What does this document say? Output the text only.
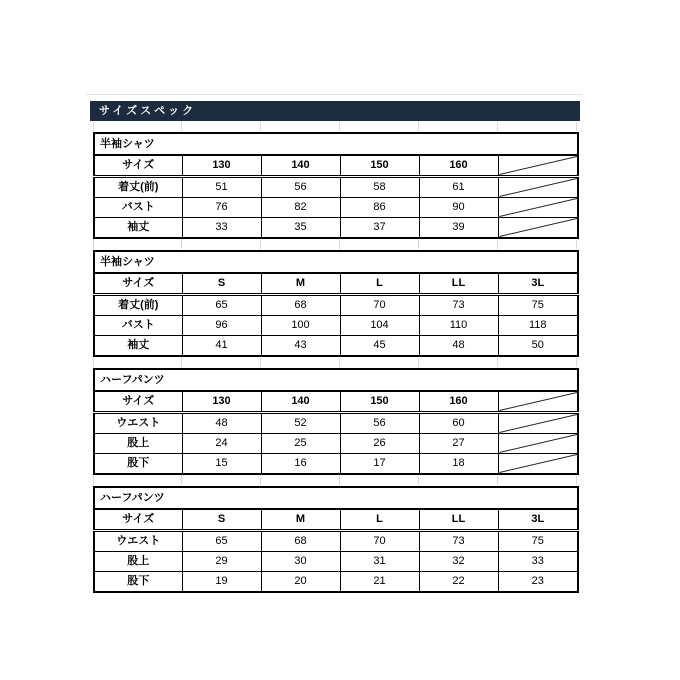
サイズスペック
半袖シャツ					
サイズ	130	140	150	160	

着丈(前)	51	56	58	61	

バスト	76	82	86	90	

袖丈	33	35	37	39	
半袖シャツ					
サイズ	S	M	L	LL	3L
着丈(前)	65	68	70	73	75
バスト	96	100	104	110	118
袖丈	41	43	45	48	50
ハーフパンツ					
サイズ	130	140	150	160	

ウエスト	48	52	56	60	

股上	24	25	26	27	

股下	15	16	17	18	
ハーフパンツ					
サイズ	S	M	L	LL	3L
ウエスト	65	68	70	73	75
股上	29	30	31	32	33
股下	19	20	21	22	23
